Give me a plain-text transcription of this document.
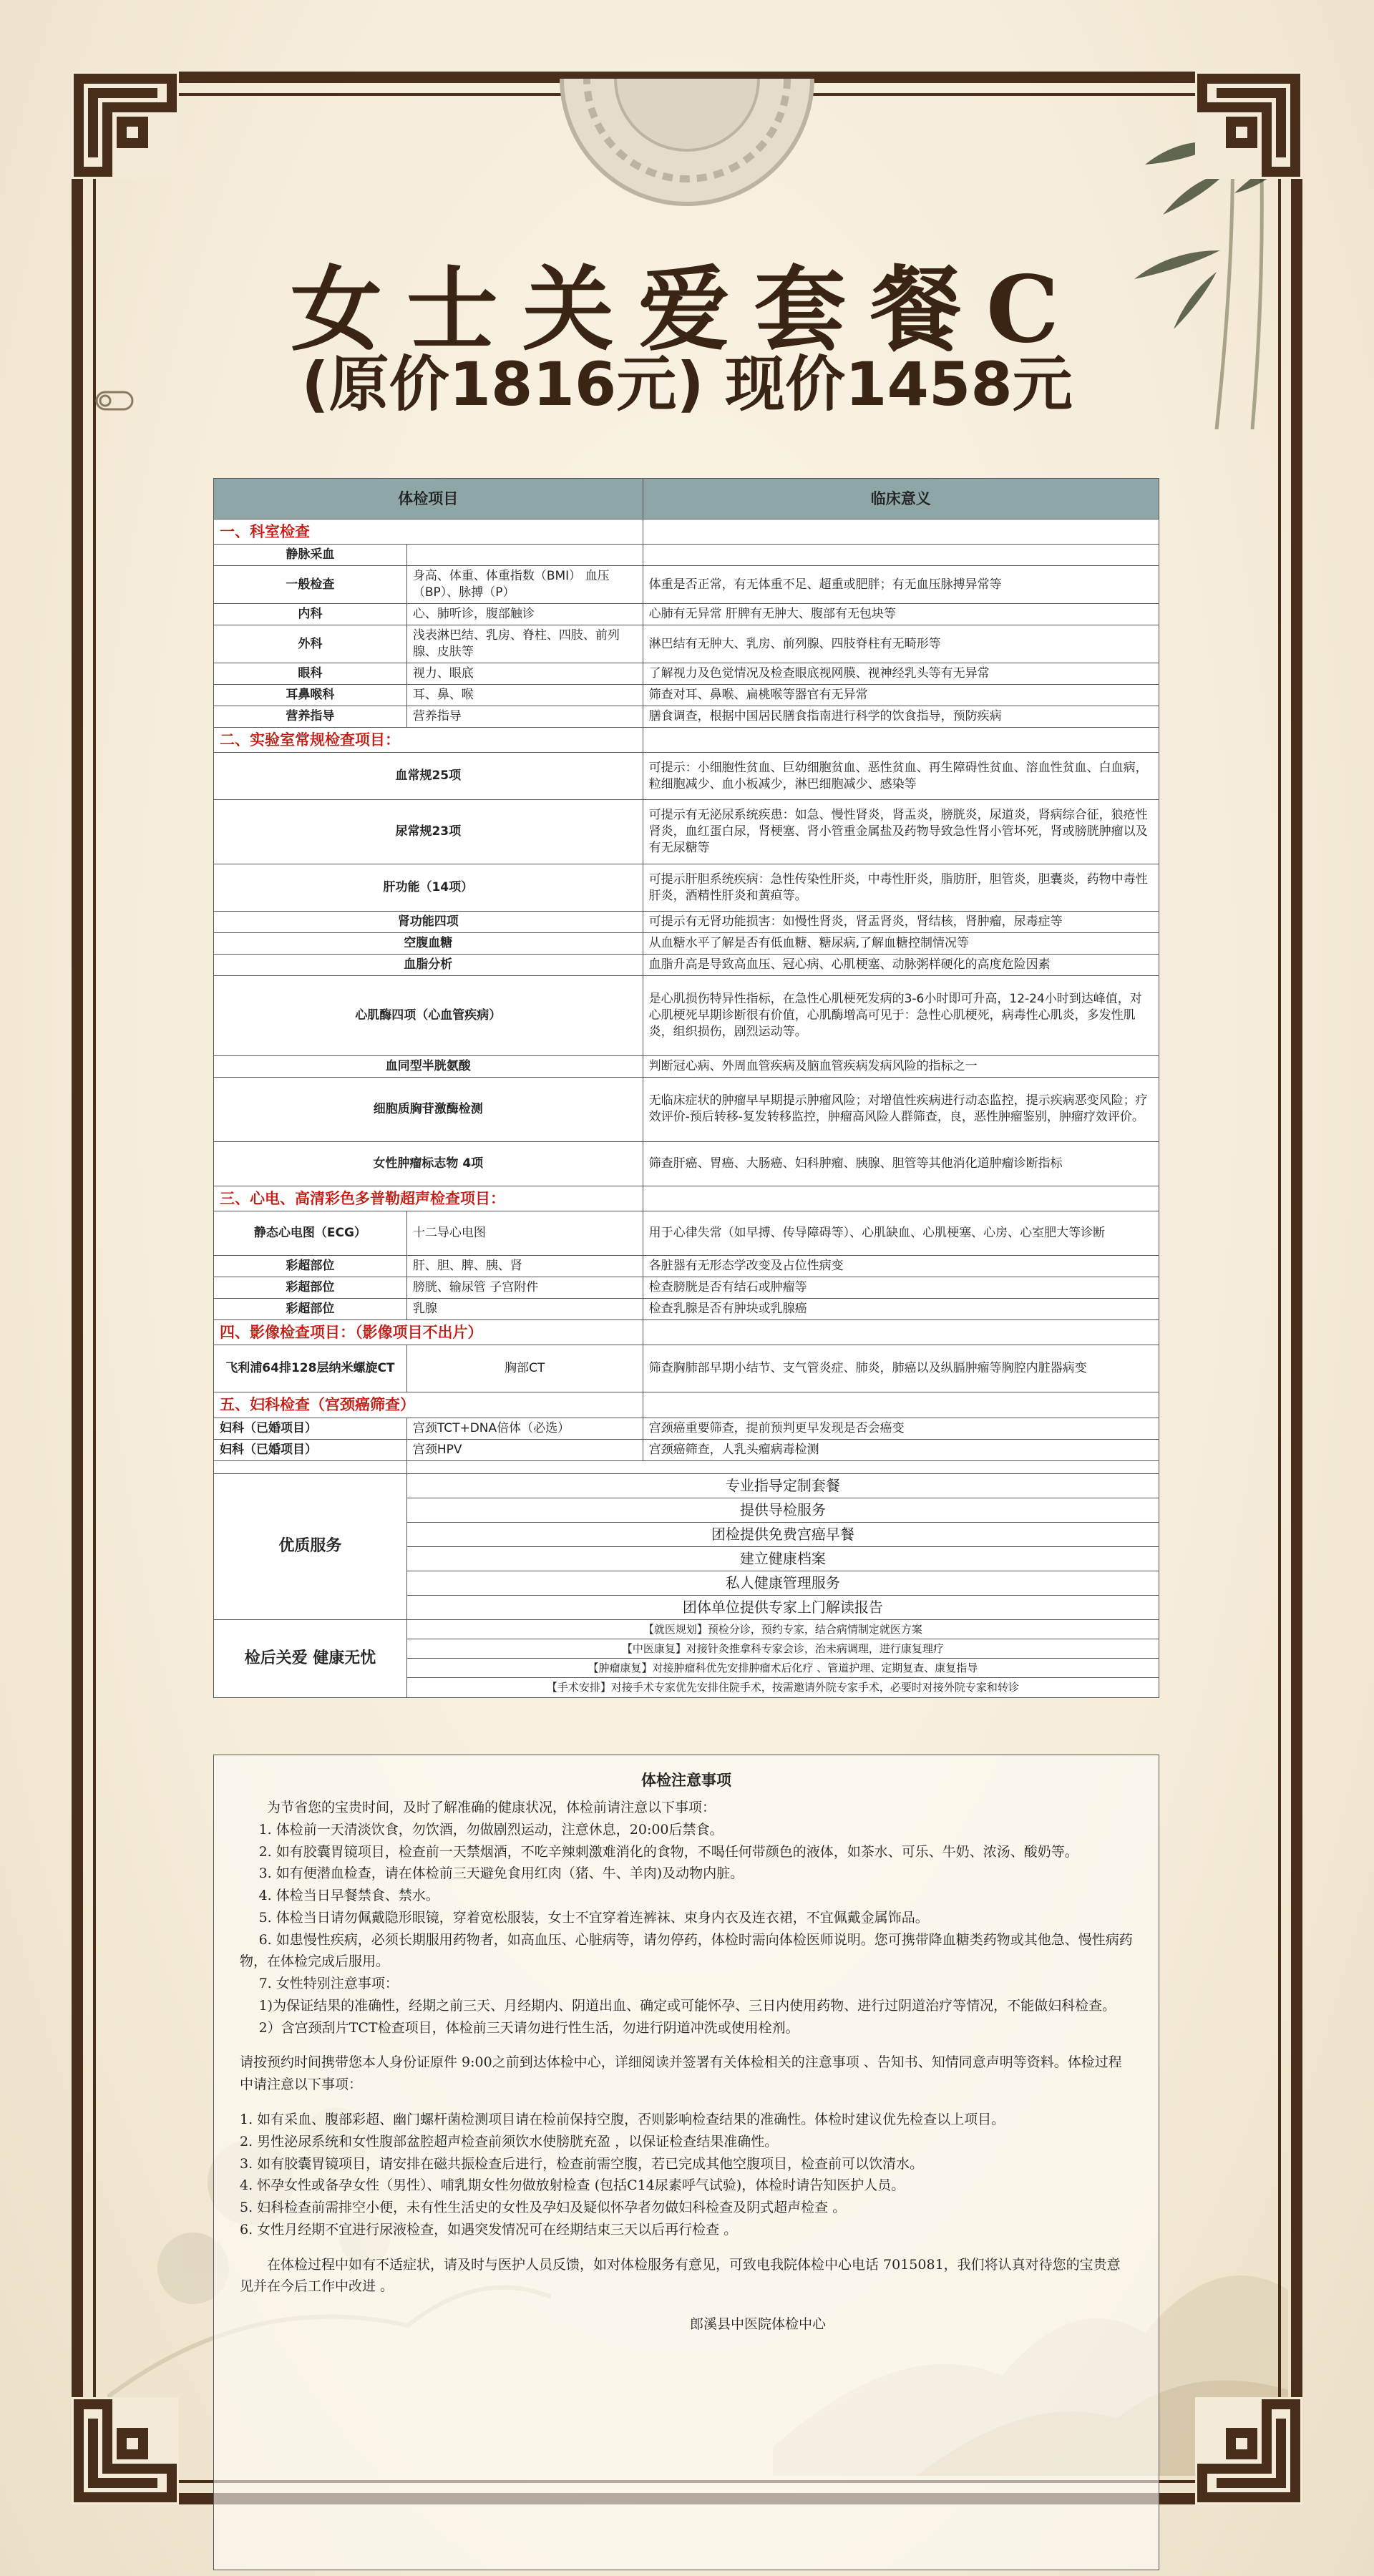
女士关爱套餐C
(原价1816元) 现价1458元
体检项目		临床意义
一、科室检查		
静脉采血		
一般检查	身高、体重、体重指数（BMI） 血压（BP）、脉搏（P）	体重是否正常，有无体重不足、超重或肥胖；有无血压脉搏异常等
内科	心、肺听诊，腹部触诊	心肺有无异常 肝脾有无肿大、腹部有无包块等
外科	浅表淋巴结、乳房、脊柱、四肢、前列腺、皮肤等	淋巴结有无肿大、乳房、前列腺、四肢脊柱有无畸形等
眼科	视力、眼底	了解视力及色觉情况及检查眼底视网膜、视神经乳头等有无异常
耳鼻喉科	耳、鼻、喉	筛查对耳、鼻喉、扁桃喉等器官有无异常
营养指导	营养指导	膳食调查，根据中国居民膳食指南进行科学的饮食指导，预防疾病
二、实验室常规检查项目：		
血常规25项		可提示：小细胞性贫血、巨幼细胞贫血、恶性贫血、再生障碍性贫血、溶血性贫血、白血病，粒细胞减少、血小板减少，淋巴细胞减少、感染等
尿常规23项		可提示有无泌尿系统疾患：如急、慢性肾炎，肾盂炎，膀胱炎，尿道炎，肾病综合征，狼疮性肾炎，血红蛋白尿，肾梗塞、肾小管重金属盐及药物导致急性肾小管坏死，肾或膀胱肿瘤以及有无尿糖等
肝功能（14项）		可提示肝胆系统疾病：急性传染性肝炎，中毒性肝炎，脂肪肝，胆管炎，胆囊炎，药物中毒性肝炎，酒精性肝炎和黄疸等。
肾功能四项		可提示有无肾功能损害：如慢性肾炎，肾盂肾炎，肾结核，肾肿瘤，尿毒症等
空腹血糖		从血糖水平了解是否有低血糖、糖尿病,了解血糖控制情况等
血脂分析		血脂升高是导致高血压、冠心病、心肌梗塞、动脉粥样硬化的高度危险因素
心肌酶四项（心血管疾病）		是心肌损伤特异性指标，在急性心肌梗死发病的3-6小时即可升高，12-24小时到达峰值，对心肌梗死早期诊断很有价值，心肌酶增高可见于：急性心肌梗死，病毒性心肌炎，多发性肌炎，组织损伤，剧烈运动等。
血同型半胱氨酸		判断冠心病、外周血管疾病及脑血管疾病发病风险的指标之一
细胞质胸苷激酶检测		无临床症状的肿瘤早早期提示肿瘤风险；对增值性疾病进行动态监控，提示疾病恶变风险；疗效评价-预后转移-复发转移监控，肿瘤高风险人群筛查，良，恶性肿瘤鉴别，肿瘤疗效评价。
女性肿瘤标志物 4项		筛查肝癌、胃癌、大肠癌、妇科肿瘤、胰腺、胆管等其他消化道肿瘤诊断指标
三、心电、高清彩色多普勒超声检查项目：		
静态心电图（ECG）	十二导心电图	用于心律失常（如早搏、传导障碍等）、心肌缺血、心肌梗塞、心房、心室肥大等诊断
彩超部位	肝、胆、脾、胰、肾	各脏器有无形态学改变及占位性病变
彩超部位	膀胱、输尿管 子宫附件	检查膀胱是否有结石或肿瘤等
彩超部位	乳腺	检查乳腺是否有肿块或乳腺癌
四、影像检查项目：（影像项目不出片）		
飞利浦64排128层纳米螺旋CT	胸部CT	筛查胸肺部早期小结节、支气管炎症、肺炎，肺癌以及纵膈肿瘤等胸腔内脏器病变
五、妇科检查（宫颈癌筛查）		
妇科（已婚项目）	宫颈TCT+DNA倍体（必选）	宫颈癌重要筛查，提前预判更早发现是否会癌变
妇科（已婚项目）	宫颈HPV	宫颈癌筛查，人乳头瘤病毒检测

优质服务	专业指导定制套餐	
	提供导检服务	
	团检提供免费宫癌早餐	
	建立健康档案	
	私人健康管理服务	
	团体单位提供专家上门解读报告	
检后关爱 健康无忧	【就医规划】预检分诊，预约专家，结合病情制定就医方案	
	【中医康复】对接针灸推拿科专家会诊，治未病调理，进行康复理疗	
	【肿瘤康复】对接肿瘤科优先安排肿瘤术后化疗 、管道护理、定期复查、康复指导	
	【手术安排】对接手术专家优先安排住院手术，按需邀请外院专家手术，必要时对接外院专家和转诊	
体检注意事项

为节省您的宝贵时间，及时了解准确的健康状况，体检前请注意以下事项：

1. 体检前一天清淡饮食，勿饮酒，勿做剧烈运动，注意休息，20:00后禁食。

2. 如有胶囊胃镜项目，检查前一天禁烟酒，不吃辛辣刺激难消化的食物，不喝任何带颜色的液体，如茶水、可乐、牛奶、浓汤、酸奶等。

3. 如有便潜血检查，请在体检前三天避免食用红肉（猪、牛、羊肉)及动物内脏。

4. 体检当日早餐禁食、禁水。

5. 体检当日请勿佩戴隐形眼镜，穿着宽松服装，女士不宜穿着连裤袜、束身内衣及连衣裙，不宜佩戴金属饰品。

6. 如患慢性疾病，必须长期服用药物者，如高血压、心脏病等，请勿停药，体检时需向体检医师说明。您可携带降血糖类药物或其他急、慢性病药物，在体检完成后服用。

7. 女性特别注意事项：

1)为保证结果的准确性，经期之前三天、月经期内、阴道出血、确定或可能怀孕、三日内使用药物、进行过阴道治疗等情况，不能做妇科检查。

2）含宫颈刮片TCT检查项目，体检前三天请勿进行性生活，勿进行阴道冲洗或使用栓剂。

请按预约时间携带您本人身份证原件 9:00之前到达体检中心，详细阅读并签署有关体检相关的注意事项 、告知书、知情同意声明等资料。体检过程中请注意以下事项：

1. 如有采血、腹部彩超、幽门螺杆菌检测项目请在检前保持空腹，否则影响检查结果的准确性。体检时建议优先检查以上项目。

2. 男性泌尿系统和女性腹部盆腔超声检查前须饮水使膀胱充盈 ，以保证检查结果准确性。

3. 如有胶囊胃镜项目，请安排在磁共振检查后进行，检查前需空腹，若已完成其他空腹项目，检查前可以饮清水。

4. 怀孕女性或备孕女性（男性）、哺乳期女性勿做放射检查 (包括C14尿素呼气试验)，体检时请告知医护人员。

5. 妇科检查前需排空小便，未有性生活史的女性及孕妇及疑似怀孕者勿做妇科检查及阴式超声检查 。

6. 女性月经期不宜进行尿液检查，如遇突发情况可在经期结束三天以后再行检查 。

在体检过程中如有不适症状，请及时与医护人员反馈，如对体检服务有意见，可致电我院体检中心电话 7015081，我们将认真对待您的宝贵意见并在今后工作中改进 。

郎溪县中医院体检中心
